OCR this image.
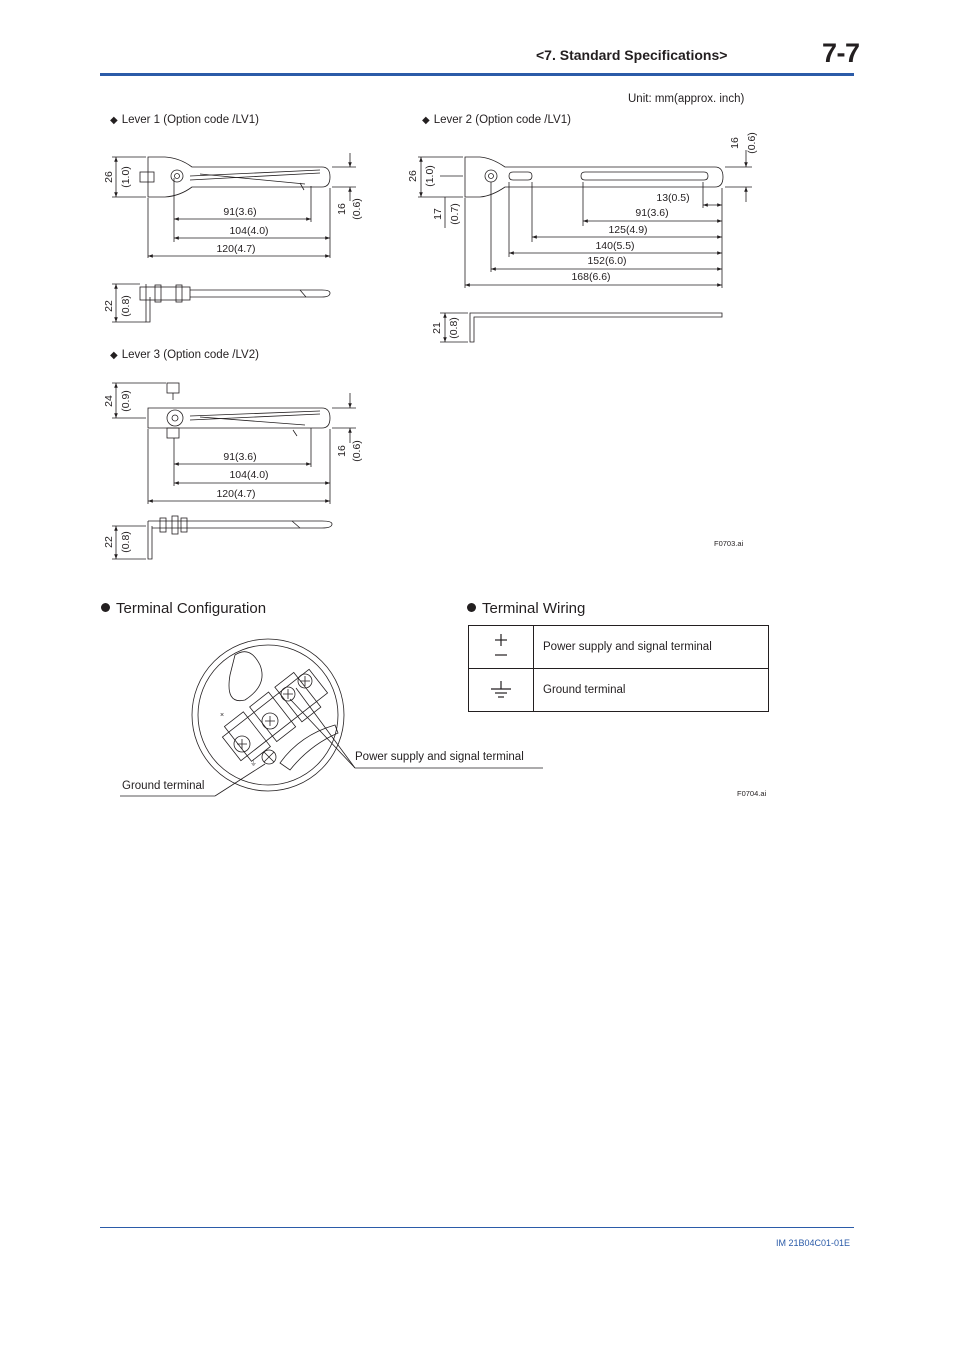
<7. Standard Specifications>	7-7
Unit: mm(approx. inch)
◆ Lever 1 (Option code /LV1)	◆ Lever 2 (Option code /LV1)
◆ Lever 3 (Option code /LV2)
91(3.6)
104(4.0)
120(4.7)
26 (1.0)
16 (0.6)
22 (0.8)
13(0.5)
91(3.6)
125(4.9)
140(5.5)
152(6.0)
168(6.6)
26 (1.0)
17 (0.7)
16 (0.6)
21 (0.8)
91(3.6)
104(4.0)
120(4.7)
24 (0.9)
16 (0.6)
22 (0.8)	F0703.ai
Terminal Configuration
×
⏚
Power supply and signal terminal
Ground terminal
Terminal Wiring
	Power supply and signal terminal
	Ground terminal
F0704.ai
IM 21B04C01-01E
